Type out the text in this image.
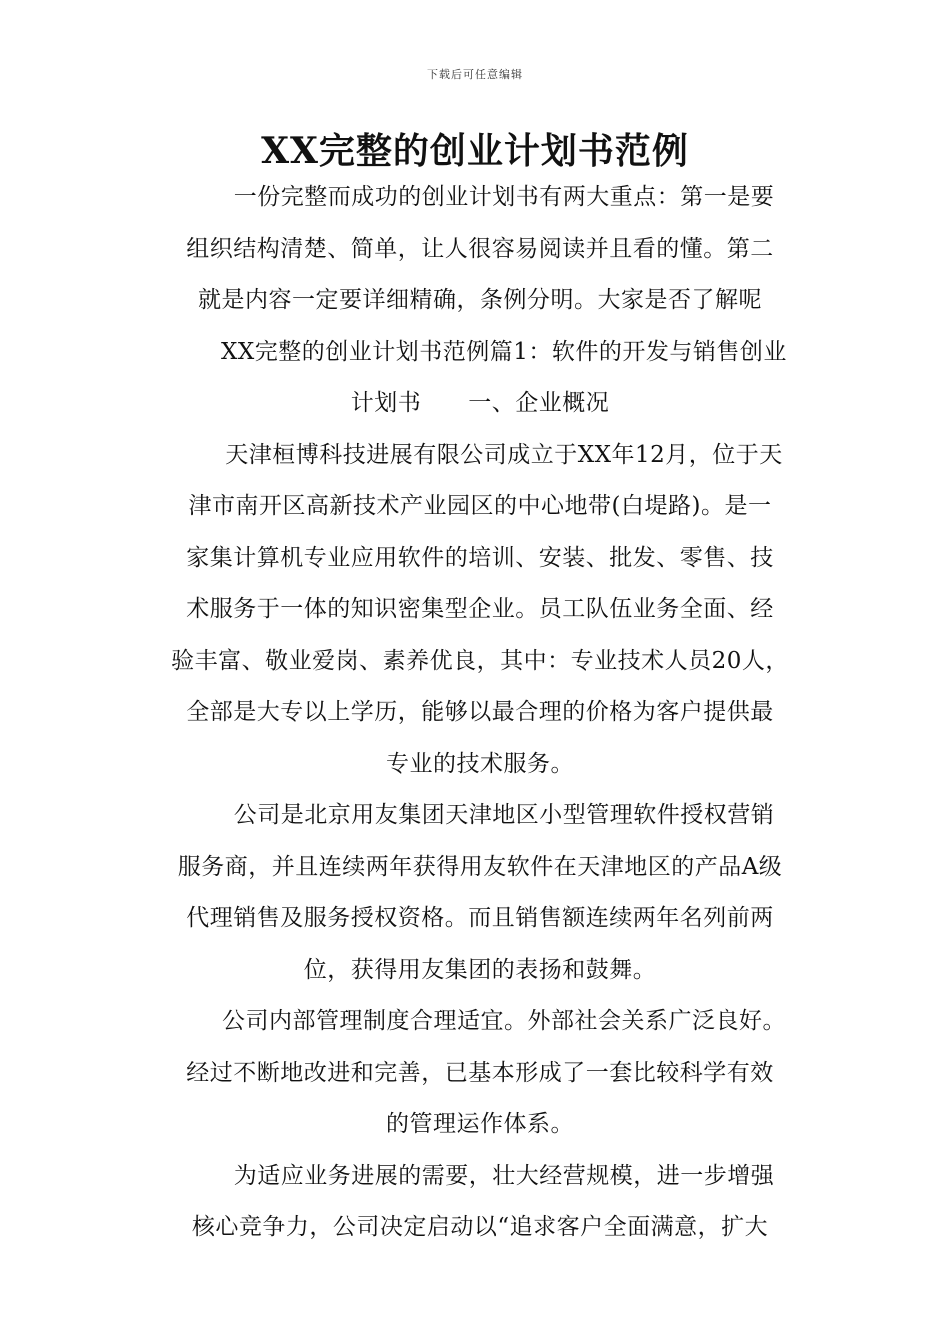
下载后可任意编辑
XX完整的创业计划书范例
一份完整而成功的创业计划书有两大重点：第一是要
组织结构清楚、简单，让人很容易阅读并且看的懂。第二
就是内容一定要详细精确，条例分明。大家是否了解呢
XX完整的创业计划书范例篇1：软件的开发与销售创业
计划书　　一、企业概况
天津桓博科技进展有限公司成立于XX年12月，位于天
津市南开区高新技术产业园区的中心地带(白堤路)。是一
家集计算机专业应用软件的培训、安装、批发、零售、技
术服务于一体的知识密集型企业。员工队伍业务全面、经
验丰富、敬业爱岗、素养优良，其中：专业技术人员20人，
全部是大专以上学历，能够以最合理的价格为客户提供最
专业的技术服务。
公司是北京用友集团天津地区小型管理软件授权营销
服务商，并且连续两年获得用友软件在天津地区的产品A级
代理销售及服务授权资格。而且销售额连续两年名列前两
位，获得用友集团的表扬和鼓舞。
公司内部管理制度合理适宜。外部社会关系广泛良好。
经过不断地改进和完善，已基本形成了一套比较科学有效
的管理运作体系。
为适应业务进展的需要，壮大经营规模，进一步增强
核心竞争力，公司决定启动以“追求客户全面满意，扩大
